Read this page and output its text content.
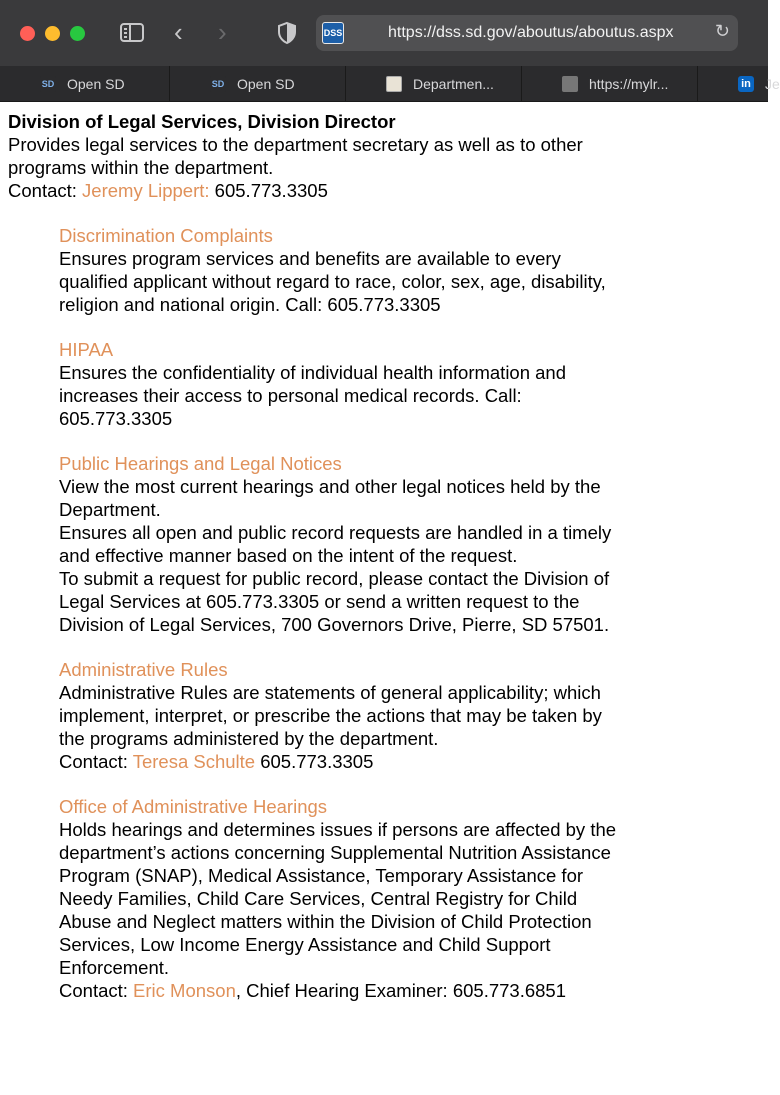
‹ ›	DSS	https://dss.sd.gov/aboutus/aboutus.aspx ↻
SD Open SD	SD Open SD	Departmen...	https://mylr...	in Je

Division of Legal Services, Division Director

Provides legal services to the department secretary as well as to other programs within the department.

Contact: Jeremy Lippert: 605.773.3305

Discrimination Complaints

Ensures program services and benefits are available to every qualified applicant without regard to race, color, sex, age, disability, religion and national origin. Call: 605.773.3305

HIPAA

Ensures the confidentiality of individual health information and increases their access to personal medical records. Call: 605.773.3305

Public Hearings and Legal Notices

View the most current hearings and other legal notices held by the Department.

Ensures all open and public record requests are handled in a timely and effective manner based on the intent of the request.

To submit a request for public record, please contact the Division of Legal Services at 605.773.3305 or send a written request to the Division of Legal Services, 700 Governors Drive, Pierre, SD 57501.

Administrative Rules

Administrative Rules are statements of general applicability; which implement, interpret, or prescribe the actions that may be taken by the programs administered by the department.

Contact: Teresa Schulte 605.773.3305

Office of Administrative Hearings

Holds hearings and determines issues if persons are affected by the department’s actions concerning Supplemental Nutrition Assistance Program (SNAP), Medical Assistance, Temporary Assistance for Needy Families, Child Care Services, Central Registry for Child Abuse and Neglect matters within the Division of Child Protection Services, Low Income Energy Assistance and Child Support Enforcement.

Contact: Eric Monson, Chief Hearing Examiner: 605.773.6851
